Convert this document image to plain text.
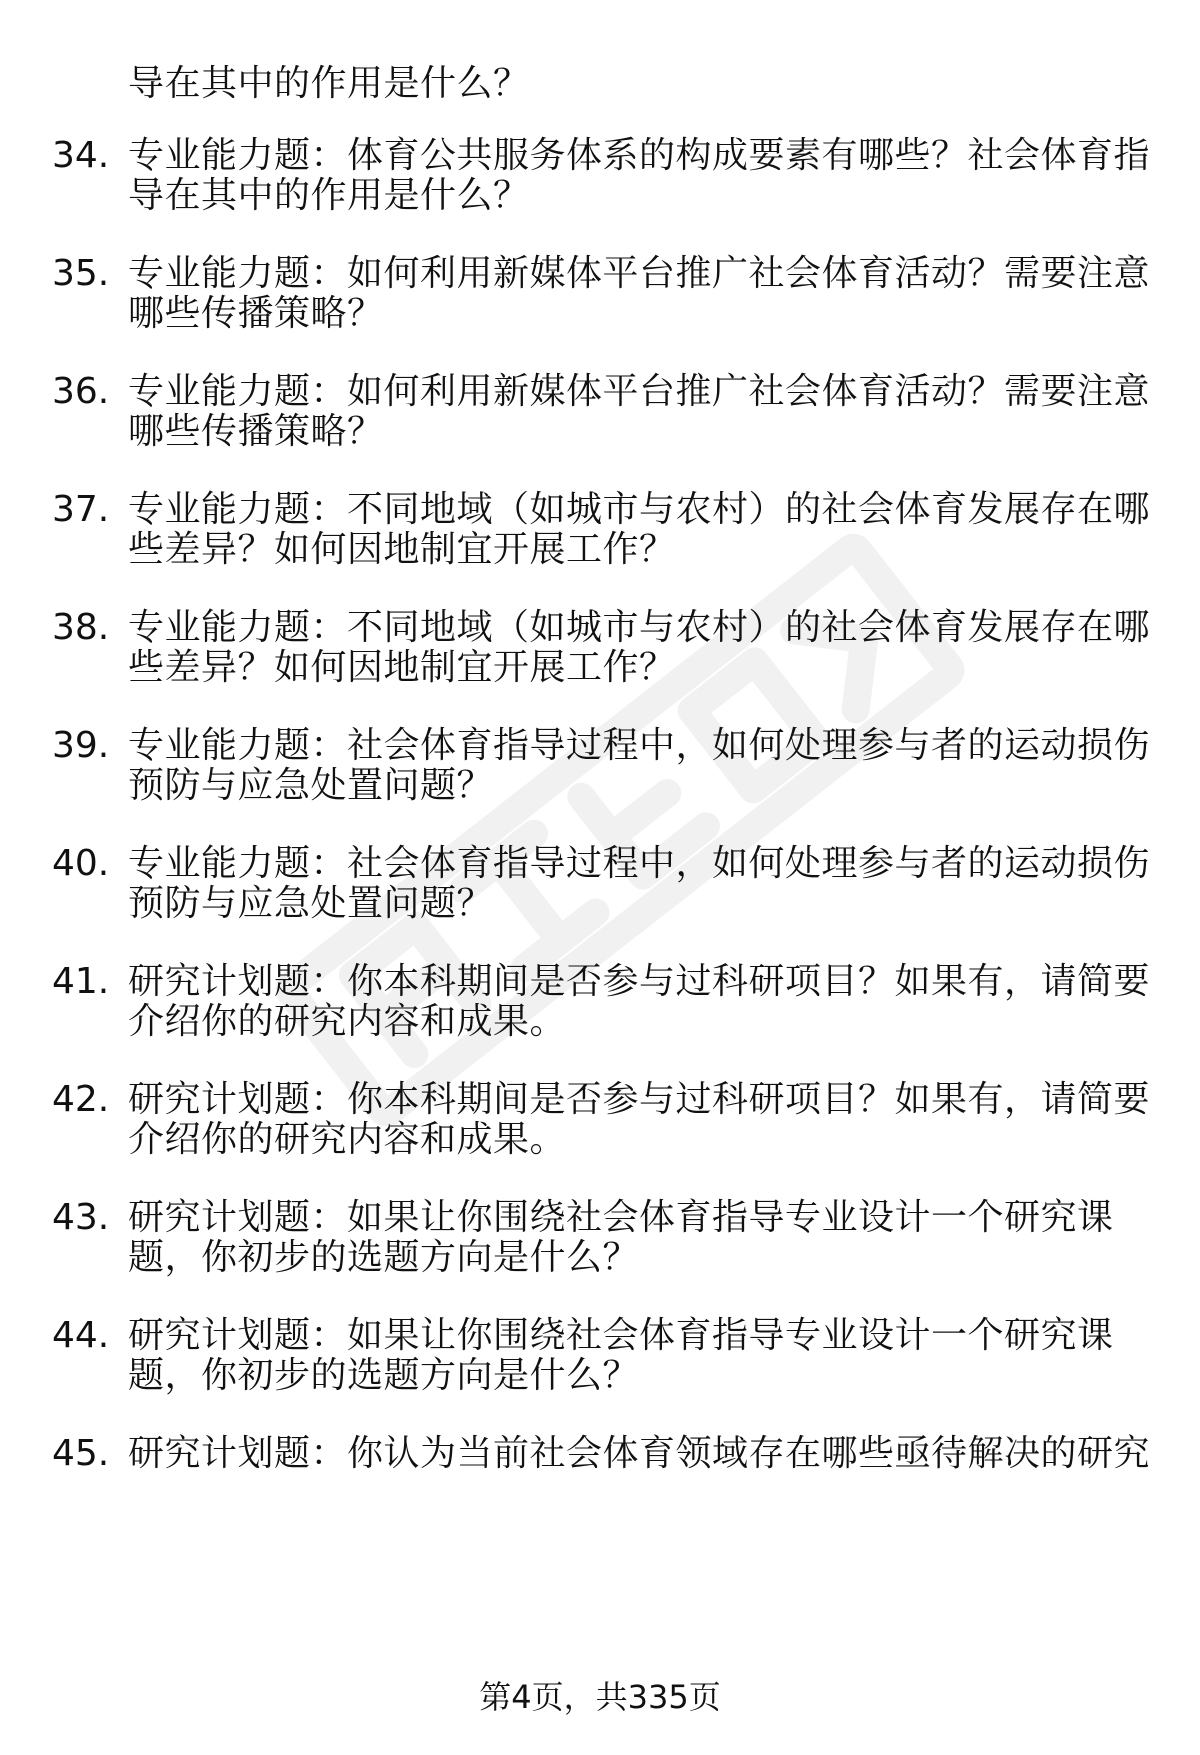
导在其中的作用是什么？
34. 专业能力题：体育公共服务体系的构成要素有哪些？社会体育指
导在其中的作用是什么？
35. 专业能力题：如何利用新媒体平台推广社会体育活动？需要注意
哪些传播策略？
36. 专业能力题：如何利用新媒体平台推广社会体育活动？需要注意
哪些传播策略？
37. 专业能力题：不同地域（如城市与农村）的社会体育发展存在哪
些差异？如何因地制宜开展工作？
38. 专业能力题：不同地域（如城市与农村）的社会体育发展存在哪
些差异？如何因地制宜开展工作？
39. 专业能力题：社会体育指导过程中，如何处理参与者的运动损伤
预防与应急处置问题？
40. 专业能力题：社会体育指导过程中，如何处理参与者的运动损伤
预防与应急处置问题？
41. 研究计划题：你本科期间是否参与过科研项目？如果有，请简要
介绍你的研究内容和成果。
42. 研究计划题：你本科期间是否参与过科研项目？如果有，请简要
介绍你的研究内容和成果。
43. 研究计划题：如果让你围绕社会体育指导专业设计一个研究课
题，你初步的选题方向是什么？
44. 研究计划题：如果让你围绕社会体育指导专业设计一个研究课
题，你初步的选题方向是什么？
45. 研究计划题：你认为当前社会体育领域存在哪些亟待解决的研究
第4页，共335页
